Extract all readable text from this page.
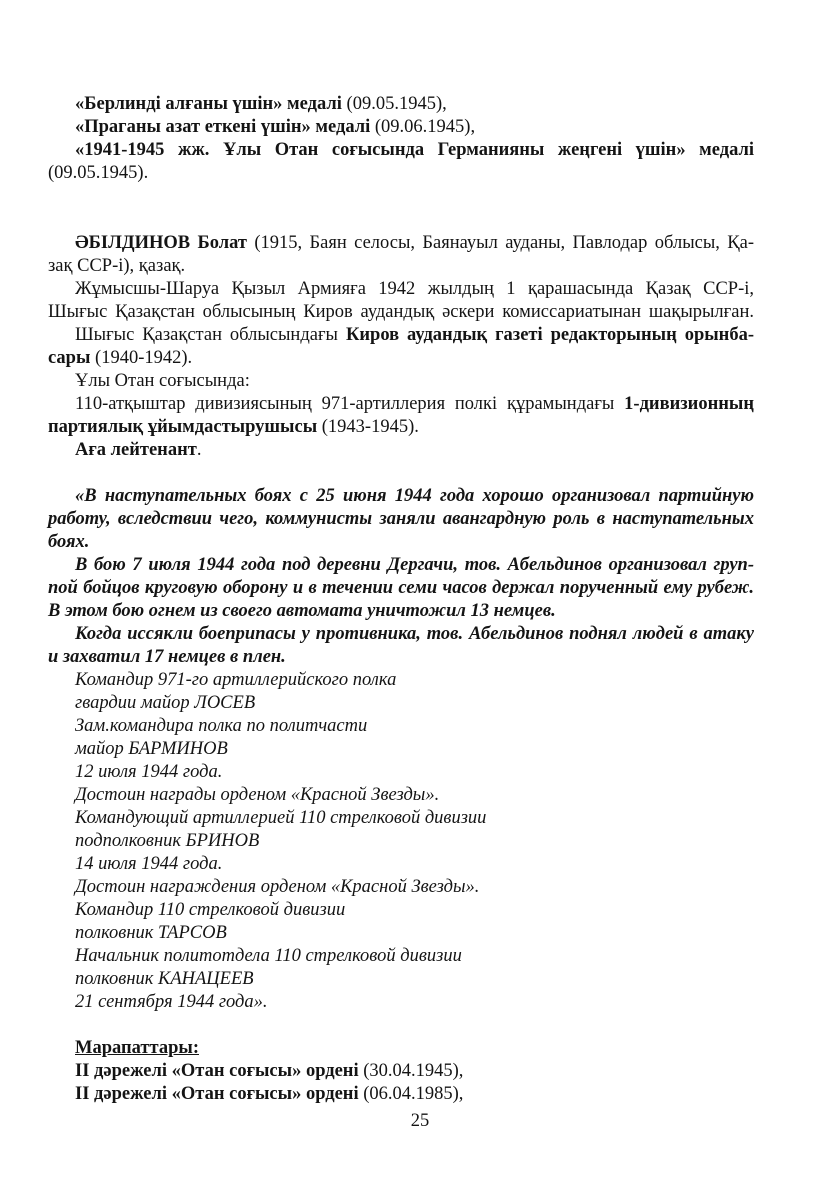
«Берлинді алғаны үшін» медалі (09.05.1945),
«Праганы азат еткені үшін» медалі (09.06.1945),
«1941-1945 жж. Ұлы Отан соғысында Германияны жеңгені үшін» медалі
(09.05.1945).
ӘБІЛДИНОВ Болат (1915, Баян селосы, Баянауыл ауданы, Павлодар облысы, Қа-
зақ ССР-і), қазақ.
Жұмысшы-Шаруа Қызыл Армияға 1942 жылдың 1 қарашасында Қазақ ССР-і,
Шығыс Қазақстан облысының Киров аудандық әскери комиссариатынан шақырылған.
Шығыс Қазақстан облысындағы Киров аудандық газеті редакторының орынба-
сары (1940-1942).
Ұлы Отан соғысында:
110-атқыштар дивизиясының 971-артиллерия полкі құрамындағы 1-дивизионның
партиялық ұйымдастырушысы (1943-1945).
Аға лейтенант.
«В наступательных боях с 25 июня 1944 года хорошо организовал партийную
работу, вследствии чего, коммунисты заняли авангардную роль в наступательных
боях.
В бою 7 июля 1944 года под деревни Дергачи, тов. Абельдинов организовал груп-
пой бойцов круговую оборону и в течении семи часов держал порученный ему рубеж.
В этом бою огнем из своего автомата уничтожил 13 немцев.
Когда иссякли боеприпасы у противника, тов. Абельдинов поднял людей в атаку
и захватил 17 немцев в плен.
Командир 971-го артиллерийского полка
гвардии майор ЛОСЕВ
Зам.командира полка по политчасти
майор БАРМИНОВ
12 июля 1944 года.
Достоин награды орденом «Красной Звезды».
Командующий артиллерией 110 стрелковой дивизии
подполковник БРИНОВ
14 июля 1944 года.
Достоин награждения орденом «Красной Звезды».
Командир 110 стрелковой дивизии
полковник ТАРСОВ
Начальник политотдела 110 стрелковой дивизии
полковник КАНАЦЕЕВ
21 сентября 1944 года».
Марапаттары:
II дәрежелі «Отан соғысы» ордені (30.04.1945),
II дәрежелі «Отан соғысы» ордені (06.04.1985),
25
